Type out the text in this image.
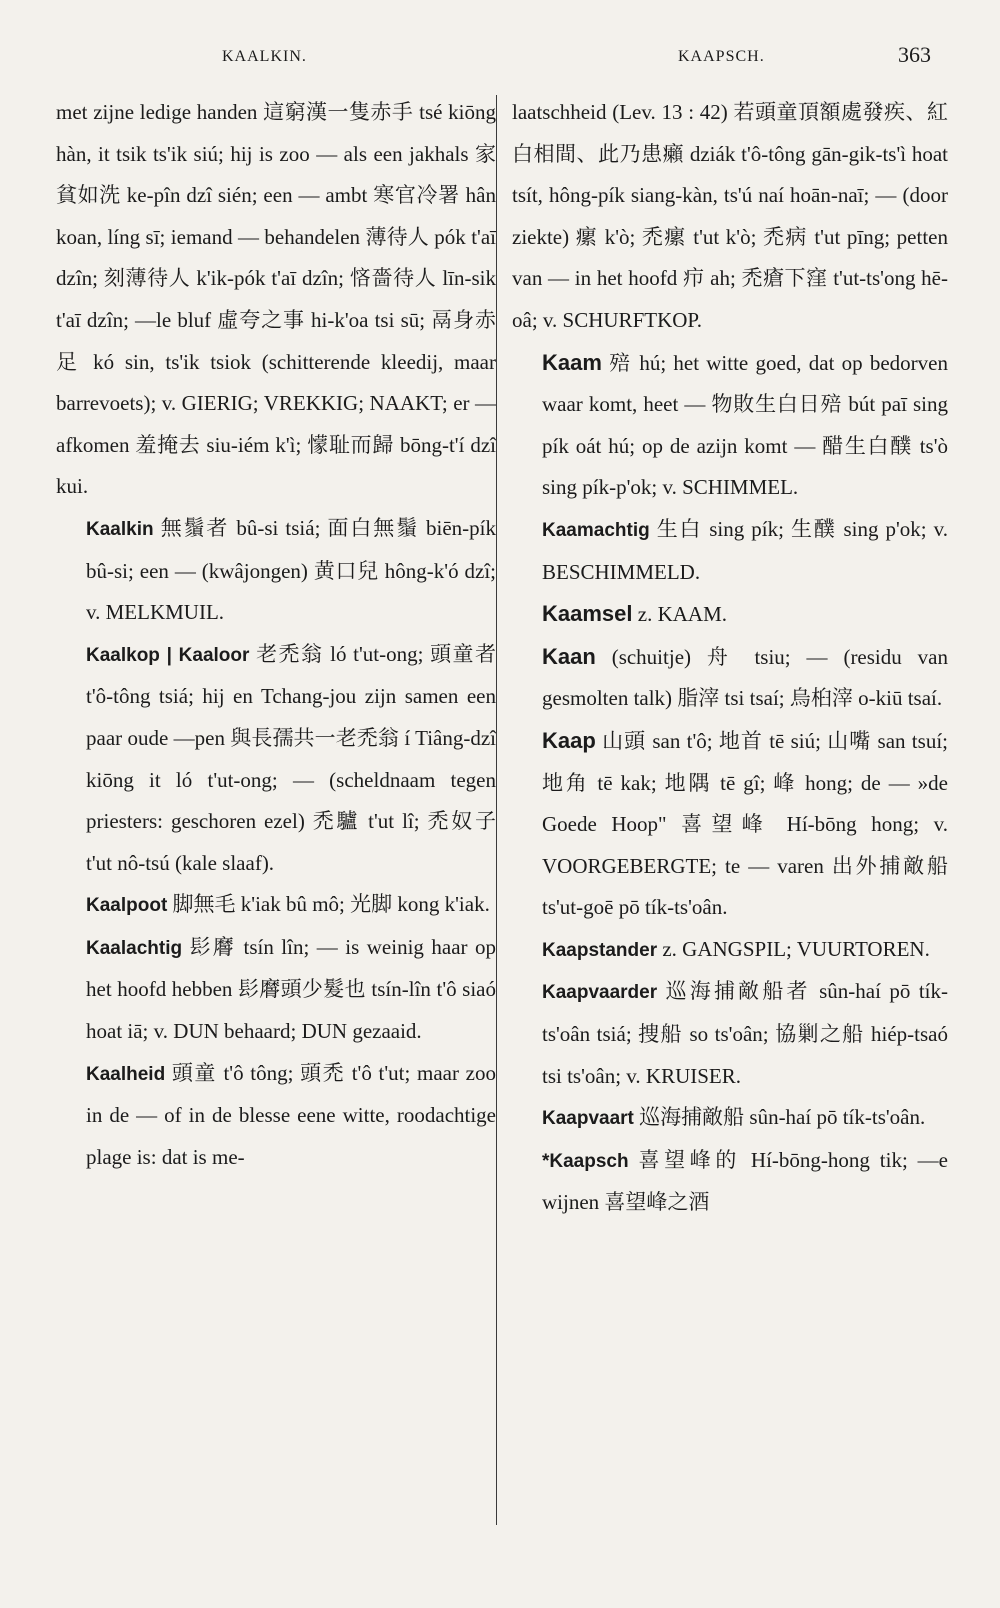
KAALKIN.	KAAPSCH.	363

met zijne ledige handen 這窮漢一隻赤手 tsé kiōng hàn, it tsik ts'ik siú; hij is zoo — als een jakhals 家貧如洗 ke-pîn dzî sién; een — ambt 寒官冷署 hân koan, líng sī; iemand — behandelen 薄待人 pók t'aī dzîn; 刻薄待人 k'ik-pók t'aī dzîn; 悋嗇待人 līn-sik t'aī dzîn; —le bluf 虛夸之事 hi-k'oa tsi sū; 鬲身赤足 kó sin, ts'ik tsiok (schitterende kleedij, maar barrevoets); v. GIERIG; VREKKIG; NAAKT; er — afkomen 羞掩去 siu-iém k'ì; 懞耻而歸 bōng-t'í dzî kui.

Kaalkin 無鬚者 bû-si tsiá; 面白無鬚 biēn-pík bû-si; een — (kwâjongen) 黄口兒 hông-k'ó dzî; v. MELKMUIL.

Kaalkop | Kaaloor 老禿翁 ló t'ut-ong; 頭童者 t'ô-tông tsiá; hij en Tchang-jou zijn samen een paar oude —pen 與長孺共一老禿翁 í Tiâng-dzî kiōng it ló t'ut-ong; — (scheldnaam tegen priesters: geschoren ezel) 禿驢 t'ut lî; 禿奴子 t'ut nô-tsú (kale slaaf).

Kaalpoot 脚無毛 k'iak bû mô; 光脚 kong k'iak.

Kaalachtig 髟䯢 tsín lîn; — is weinig haar op het hoofd hebben 髟䯢頭少髮也 tsín-lîn t'ô siaó hoat iā; v. DUN behaard; DUN gezaaid.

Kaalheid 頭童 t'ô tông; 頭禿 t'ô t'ut; maar zoo in de — of in de blesse eene witte, roodachtige plage is: dat is me-

laatschheid (Lev. 13 : 42) 若頭童頂額處發疾、紅白相間、此乃患癩 dziák t'ô-tông gān-gik-ts'ì hoat tsít, hông-pík siang-kàn, ts'ú naí hoān-naī; — (door ziekte) 瘰 k'ò; 禿瘰 t'ut k'ò; 禿病 t'ut pīng; petten van — in het hoofd 疖 ah; 禿瘡下窪 t'ut-ts'ong hē-oâ; v. SCHURFTKOP.

Kaam 殕 hú; het witte goed, dat op bedorven waar komt, heet — 物敗生白日殕 bút paī sing pík oát hú; op de azijn komt — 醋生白醭 ts'ò sing pík-p'ok; v. SCHIMMEL.

Kaamachtig 生白 sing pík; 生醭 sing p'ok; v. BESCHIMMELD.

Kaamsel z. KAAM.

Kaan (schuitje) 舟 tsiu; — (residu van gesmolten talk) 脂滓 tsi tsaí; 烏桕滓 o-kiū tsaí.

Kaap 山頭 san t'ô; 地首 tē siú; 山嘴 san tsuí; 地角 tē kak; 地隅 tē gî; 峰 hong; de — »de Goede Hoop" 喜望峰 Hí-bōng hong; v. VOORGEBERGTE; te — varen 出外捕敵船 ts'ut-goē pō tík-ts'oân.

Kaapstander z. GANGSPIL; VUURTOREN.

Kaapvaarder 巡海捕敵船者 sûn-haí pō tík-ts'oân tsiá; 捜船 so ts'oân; 協剿之船 hiép-tsaó tsi ts'oân; v. KRUISER.

Kaapvaart 巡海捕敵船 sûn-haí pō tík-ts'oân.

*Kaapsch 喜望峰的 Hí-bōng-hong tik; —e wijnen 喜望峰之酒
